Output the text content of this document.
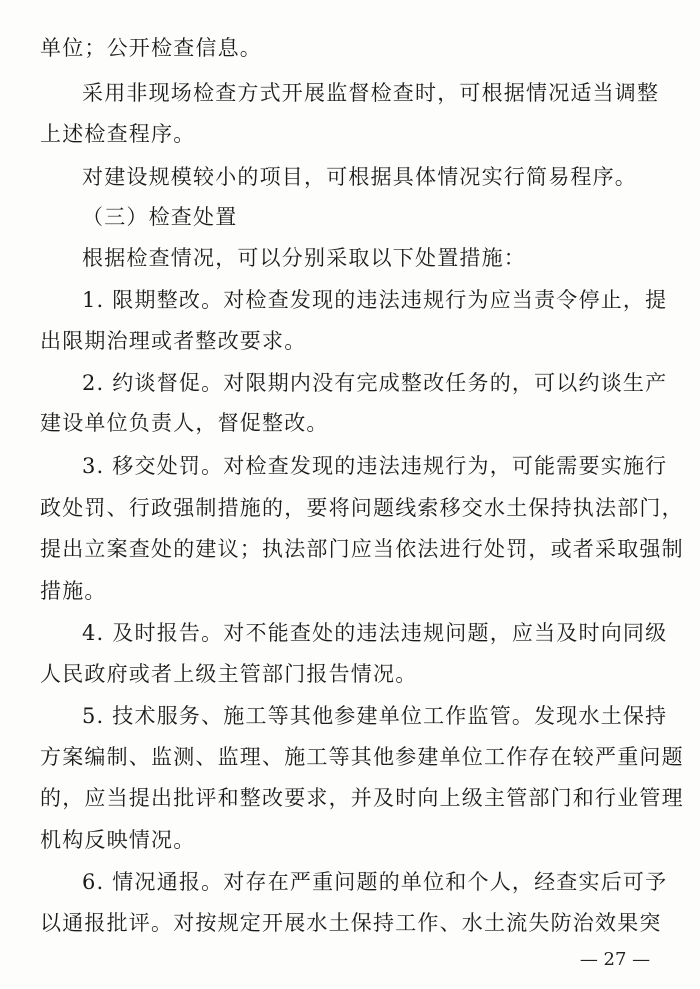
单位；公开检查信息。
采用非现场检查方式开展监督检查时，可根据情况适当调整
上述检查程序。
对建设规模较小的项目，可根据具体情况实行简易程序。
（三）检查处置
根据检查情况，可以分别采取以下处置措施：
1. 限期整改。对检查发现的违法违规行为应当责令停止，提
出限期治理或者整改要求。
2. 约谈督促。对限期内没有完成整改任务的，可以约谈生产
建设单位负责人，督促整改。
3. 移交处罚。对检查发现的违法违规行为，可能需要实施行
政处罚、行政强制措施的，要将问题线索移交水土保持执法部门，
提出立案查处的建议；执法部门应当依法进行处罚，或者采取强制
措施。
4. 及时报告。对不能查处的违法违规问题，应当及时向同级
人民政府或者上级主管部门报告情况。
5. 技术服务、施工等其他参建单位工作监管。发现水土保持
方案编制、监测、监理、施工等其他参建单位工作存在较严重问题
的，应当提出批评和整改要求，并及时向上级主管部门和行业管理
机构反映情况。
6. 情况通报。对存在严重问题的单位和个人，经查实后可予
以通报批评。对按规定开展水土保持工作、水土流失防治效果突
— 27 —
